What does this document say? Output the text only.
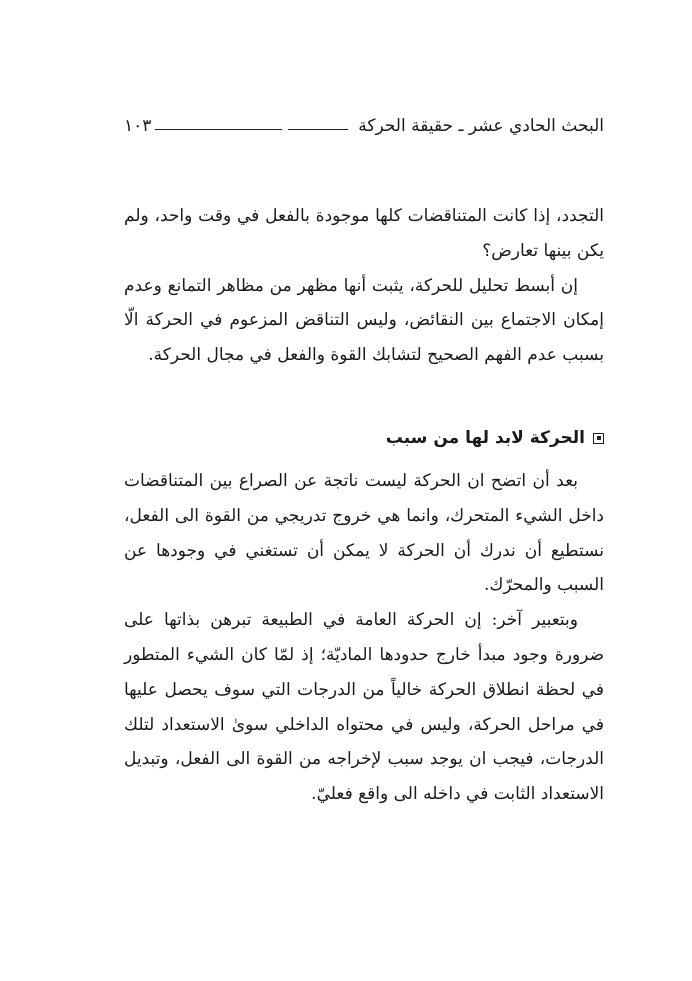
البحث الحادي عشر ـ حقيقة الحركة
١٠٣

التجدد، إذا كانت المتناقضات كلها موجودة بالفعل في وقت واحد، ولم يكن بينها تعارض؟

إن أبسط تحليل للحركة، يثبت أنها مظهر من مظاهر التمانع وعدم إمكان الاجتماع بين النقائض، وليس التناقض المزعوم في الحركة الّا بسبب عدم الفهم الصحيح لتشابك القوة والفعل في مجال الحركة.

الحركة لابد لها من سبب

بعد أن اتضح ان الحركة ليست ناتجة عن الصراع بين المتناقضات داخل الشيء المتحرك، وانما هي خروج تدريجي من القوة الى الفعل، نستطيع أن ندرك أن الحركة لا يمكن أن تستغني في وجودها عن السبب والمحرّك.

وبتعبير آخر: إن الحركة العامة في الطبيعة تبرهن بذاتها على ضرورة وجود مبدأ خارج حدودها الماديّة؛ إذ لمّا كان الشيء المتطور في لحظة انطلاق الحركة خالياً من الدرجات التي سوف يحصل عليها في مراحل الحركة، وليس في محتواه الداخلي سوىٰ الاستعداد لتلك الدرجات، فيجب ان يوجد سبب لإخراجه من القوة الى الفعل، وتبديل الاستعداد الثابت في داخله الى واقع فعليّ.
